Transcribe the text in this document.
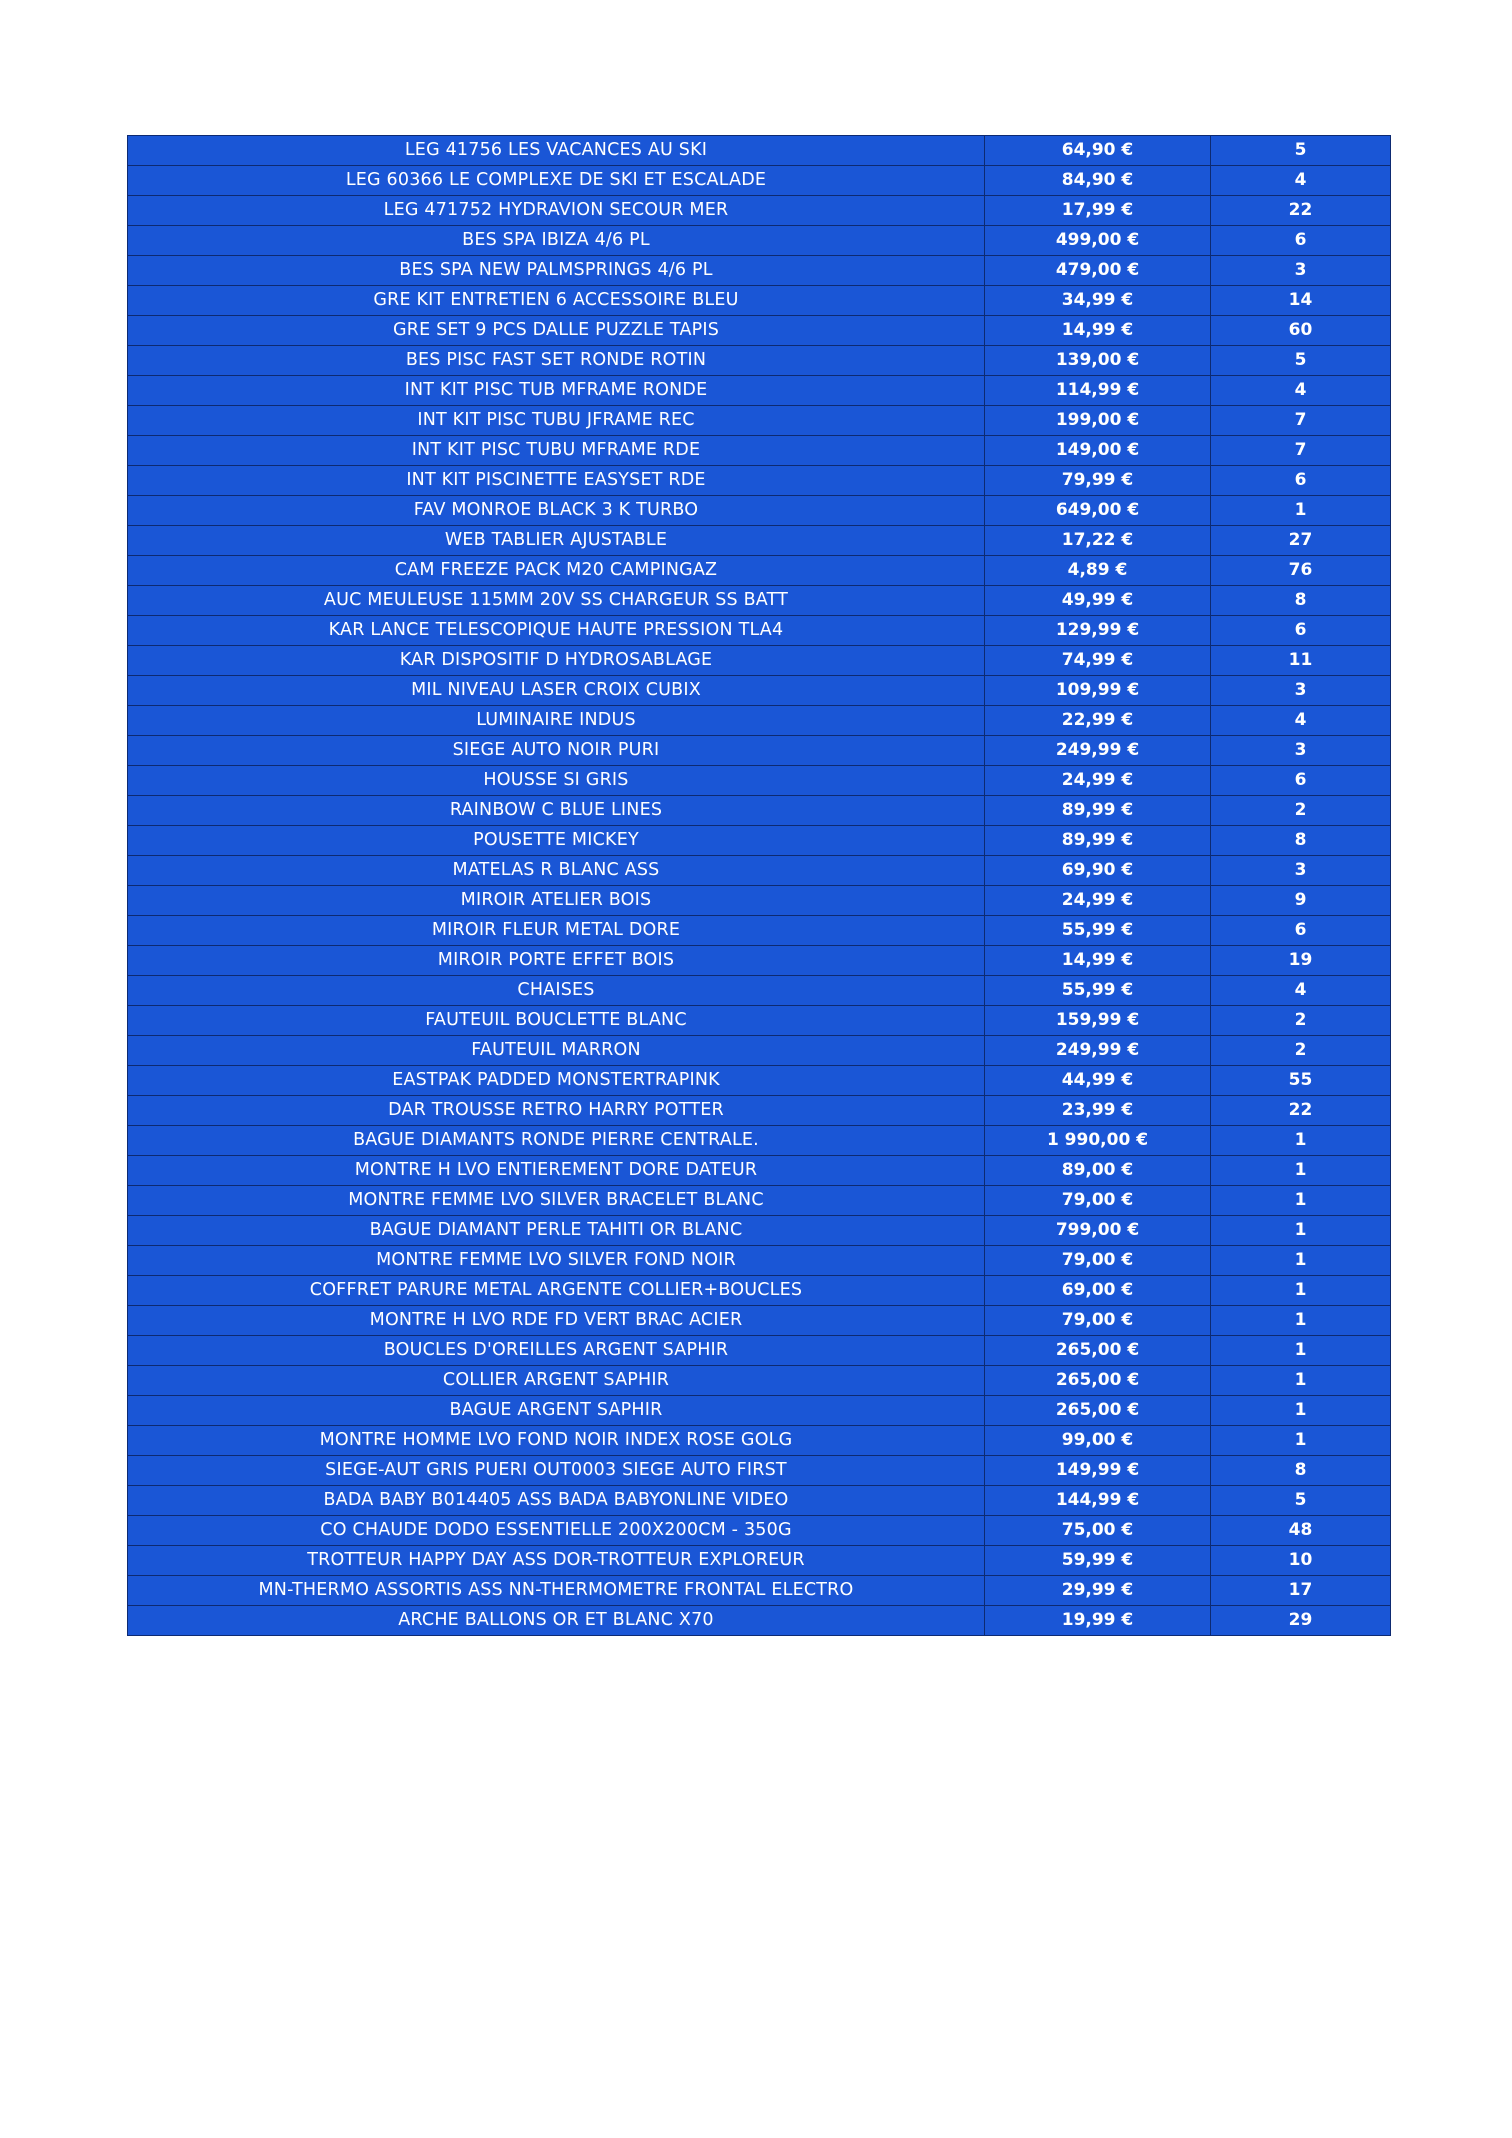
LEG 41756 LES VACANCES AU SKI	64,90 €	5
LEG 60366 LE COMPLEXE DE SKI ET ESCALADE	84,90 €	4
LEG 471752 HYDRAVION SECOUR MER	17,99 €	22
BES SPA IBIZA 4/6 PL	499,00 €	6
BES SPA NEW PALMSPRINGS 4/6 PL	479,00 €	3
GRE KIT ENTRETIEN 6 ACCESSOIRE BLEU	34,99 €	14
GRE SET 9 PCS DALLE PUZZLE TAPIS	14,99 €	60
BES PISC FAST SET RONDE ROTIN	139,00 €	5
INT KIT PISC TUB MFRAME RONDE	114,99 €	4
INT KIT PISC TUBU JFRAME REC	199,00 €	7
INT KIT PISC TUBU MFRAME RDE	149,00 €	7
INT KIT PISCINETTE EASYSET RDE	79,99 €	6
FAV MONROE BLACK 3 K TURBO	649,00 €	1
WEB TABLIER AJUSTABLE	17,22 €	27
CAM FREEZE PACK M20 CAMPINGAZ	4,89 €	76
AUC MEULEUSE 115MM 20V SS CHARGEUR SS BATT	49,99 €	8
KAR LANCE TELESCOPIQUE HAUTE PRESSION TLA4	129,99 €	6
KAR DISPOSITIF D HYDROSABLAGE	74,99 €	11
MIL NIVEAU LASER CROIX CUBIX	109,99 €	3
LUMINAIRE INDUS	22,99 €	4
SIEGE AUTO NOIR PURI	249,99 €	3
HOUSSE SI GRIS	24,99 €	6
RAINBOW C BLUE LINES	89,99 €	2
POUSETTE MICKEY	89,99 €	8
MATELAS R BLANC ASS	69,90 €	3
MIROIR ATELIER BOIS	24,99 €	9
MIROIR FLEUR METAL DORE	55,99 €	6
MIROIR PORTE EFFET BOIS	14,99 €	19
CHAISES	55,99 €	4
FAUTEUIL BOUCLETTE BLANC	159,99 €	2
FAUTEUIL MARRON	249,99 €	2
EASTPAK PADDED MONSTERTRAPINK	44,99 €	55
DAR TROUSSE RETRO HARRY POTTER	23,99 €	22
BAGUE DIAMANTS RONDE PIERRE CENTRALE.	1 990,00 €	1
MONTRE H LVO ENTIEREMENT DORE DATEUR	89,00 €	1
MONTRE FEMME LVO SILVER BRACELET BLANC	79,00 €	1
BAGUE DIAMANT PERLE TAHITI OR BLANC	799,00 €	1
MONTRE FEMME LVO SILVER FOND NOIR	79,00 €	1
COFFRET PARURE METAL ARGENTE COLLIER+BOUCLES	69,00 €	1
MONTRE H LVO RDE FD VERT BRAC ACIER	79,00 €	1
BOUCLES D'OREILLES ARGENT SAPHIR	265,00 €	1
COLLIER ARGENT SAPHIR	265,00 €	1
BAGUE ARGENT SAPHIR	265,00 €	1
MONTRE HOMME LVO FOND NOIR INDEX ROSE GOLG	99,00 €	1
SIEGE-AUT GRIS PUERI OUT0003 SIEGE AUTO FIRST	149,99 €	8
BADA BABY B014405 ASS BADA BABYONLINE VIDEO	144,99 €	5
CO CHAUDE DODO ESSENTIELLE 200X200CM - 350G	75,00 €	48
TROTTEUR HAPPY DAY ASS DOR-TROTTEUR EXPLOREUR	59,99 €	10
MN-THERMO ASSORTIS ASS NN-THERMOMETRE FRONTAL ELECTRO	29,99 €	17
ARCHE BALLONS OR ET BLANC X70	19,99 €	29
